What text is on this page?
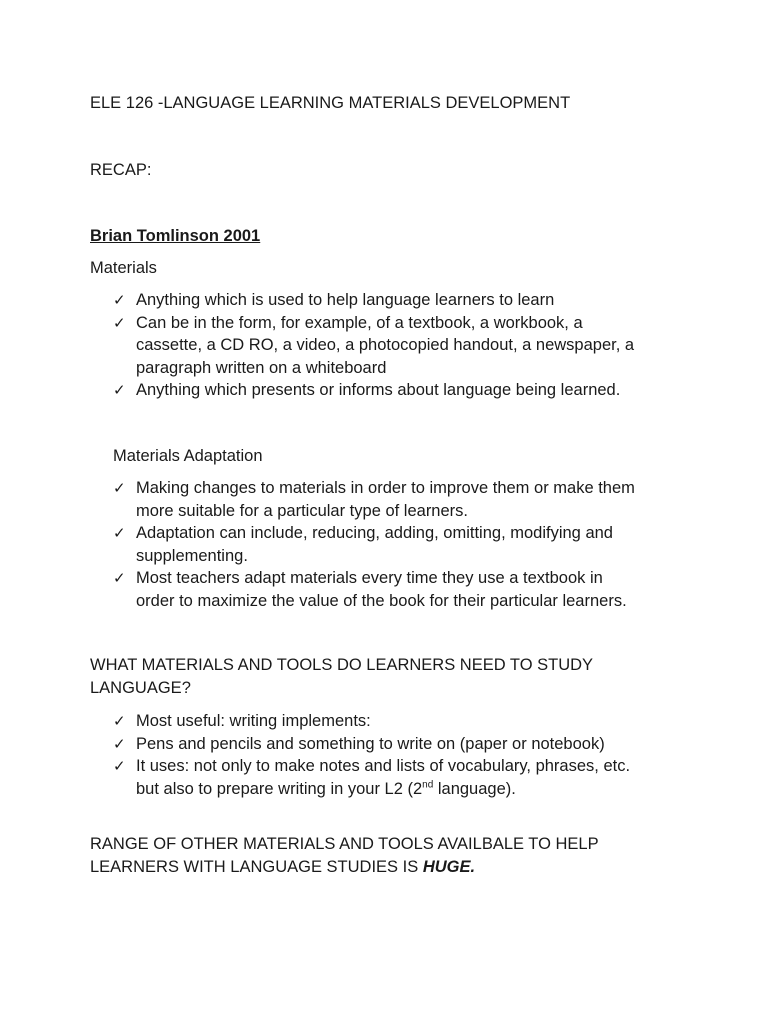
ELE 126 -LANGUAGE LEARNING MATERIALS DEVELOPMENT
RECAP:
Brian Tomlinson 2001
Materials
✓ Anything which is used to help language learners to learn
✓ Can be in the form, for example, of a textbook, a workbook, a
cassette, a CD RO, a video, a photocopied handout, a newspaper, a
paragraph written on a whiteboard
✓ Anything which presents or informs about language being learned.
Materials Adaptation
✓ Making changes to materials in order to improve them or make them
more suitable for a particular type of learners.
✓ Adaptation can include, reducing, adding, omitting, modifying and
supplementing.
✓ Most teachers adapt materials every time they use a textbook in
order to maximize the value of the book for their particular learners.
WHAT MATERIALS AND TOOLS DO LEARNERS NEED TO STUDY
LANGUAGE?
✓ Most useful: writing implements:
✓ Pens and pencils and something to write on (paper or notebook)
✓ It uses: not only to make notes and lists of vocabulary, phrases, etc.
but also to prepare writing in your L2 (2nd language).
RANGE OF OTHER MATERIALS AND TOOLS AVAILBALE TO HELP
LEARNERS WITH LANGUAGE STUDIES IS HUGE.
